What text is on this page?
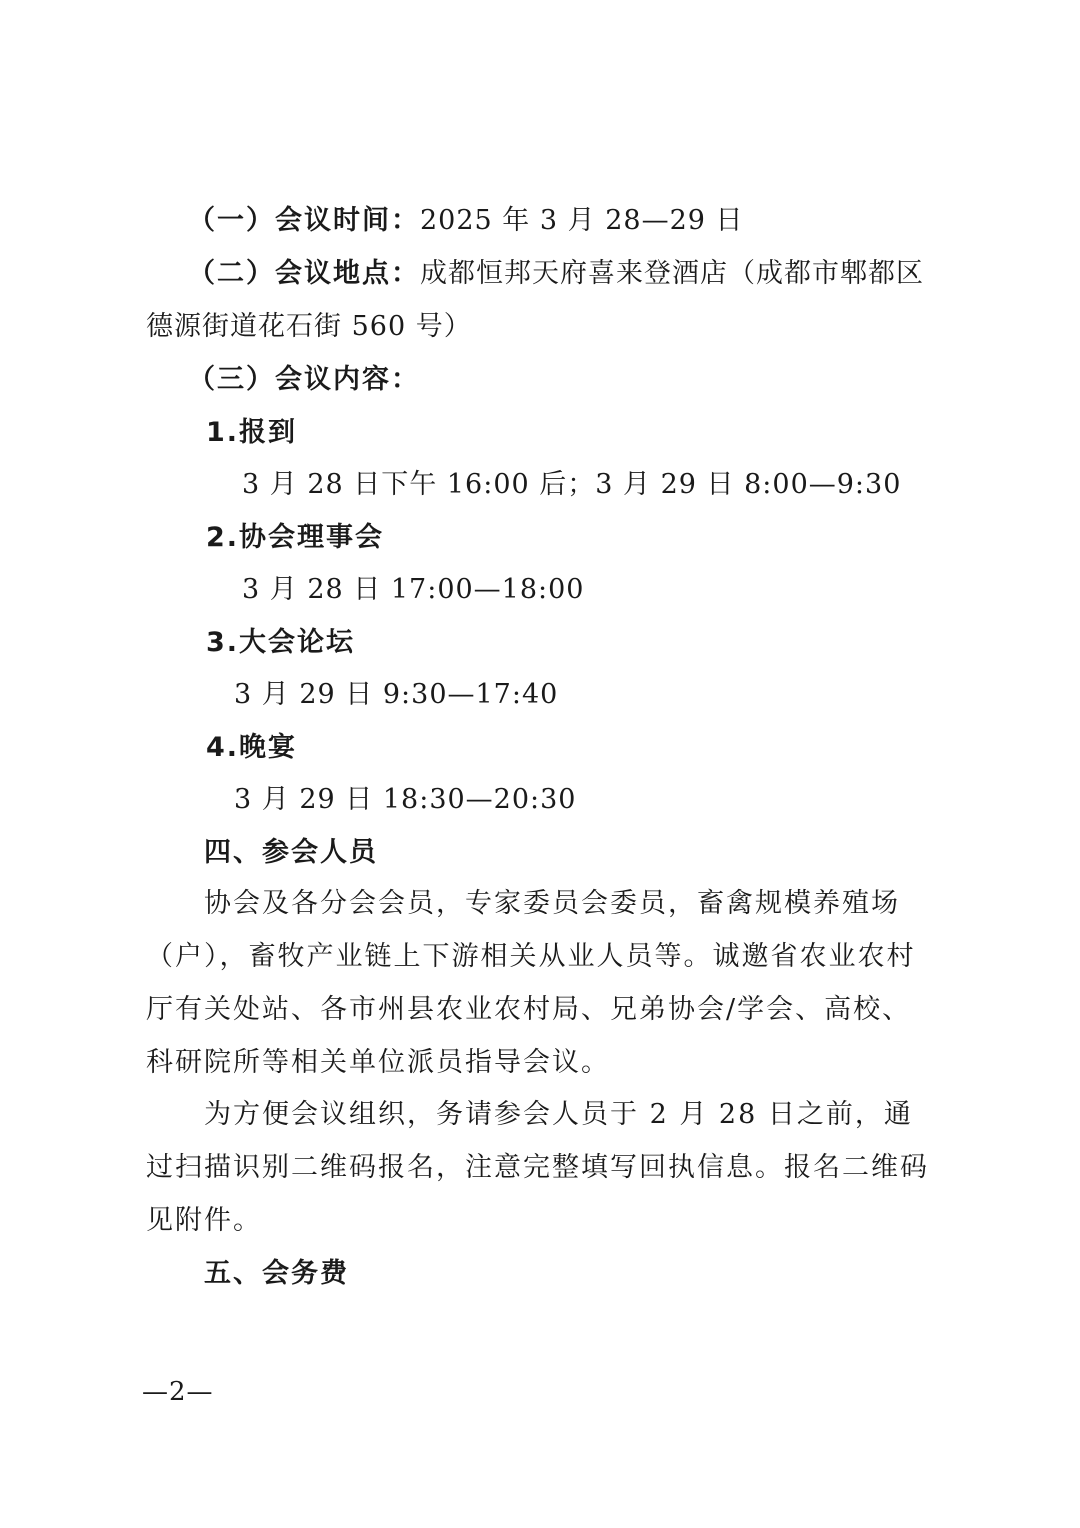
（一）会议时间：2025 年 3 月 28—29 日
（二）会议地点：成都恒邦天府喜来登酒店（成都市郫都区
德源街道花石街 560 号）
（三）会议内容：
1.报到
3 月 28 日下午 16:00 后；3 月 29 日 8:00—9:30
2.协会理事会
3 月 28 日 17:00—18:00
3.大会论坛
3 月 29 日 9:30—17:40
4.晚宴
3 月 29 日 18:30—20:30
四、参会人员
协会及各分会会员，专家委员会委员，畜禽规模养殖场（户），畜牧产业链上下游相关从业人员等。诚邀省农业农村厅有关处站、各市州县农业农村局、兄弟协会/学会、高校、科研院所等相关单位派员指导会议。
为方便会议组织，务请参会人员于 2 月 28 日之前，通过扫描识别二维码报名，注意完整填写回执信息。报名二维码见附件。
五、会务费
—2—
